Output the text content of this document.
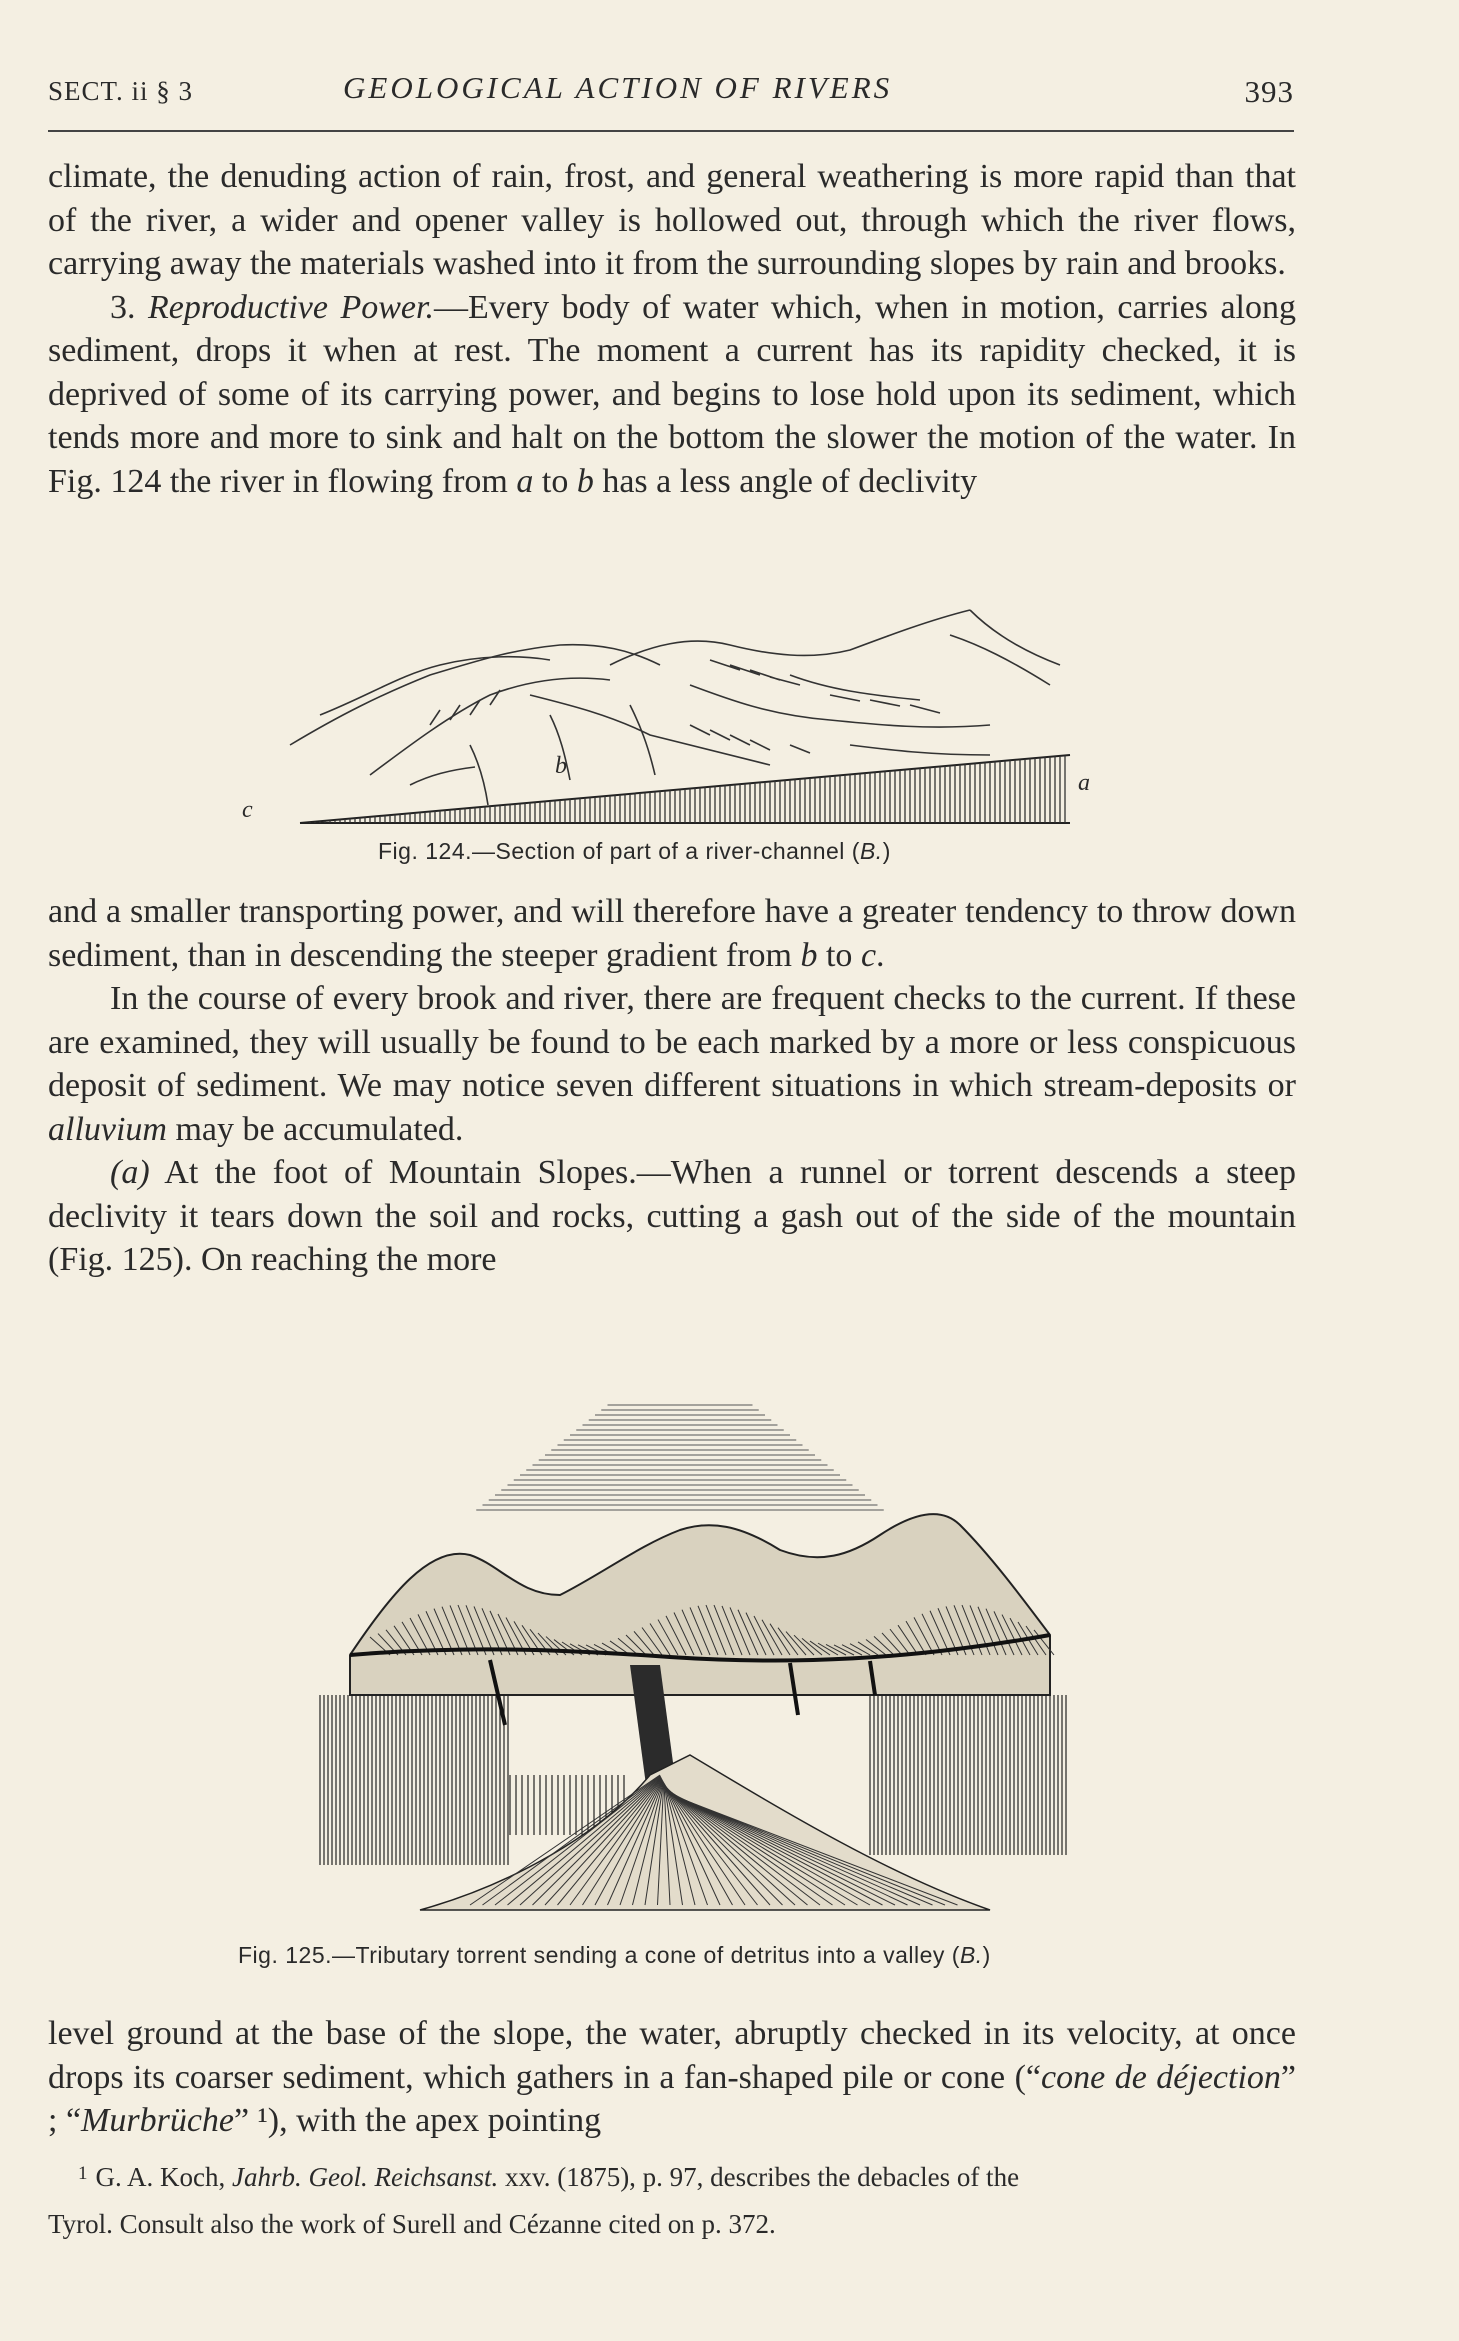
SECT. ii § 3	GEOLOGICAL ACTION OF RIVERS	393

climate, the denuding action of rain, frost, and general weathering is more rapid than that of the river, a wider and opener valley is hollowed out, through which the river flows, carrying away the materials washed into it from the surrounding slopes by rain and brooks.

3. Reproductive Power.—Every body of water which, when in motion, carries along sediment, drops it when at rest. The moment a current has its rapidity checked, it is deprived of some of its carrying power, and begins to lose hold upon its sediment, which tends more and more to sink and halt on the bottom the slower the motion of the water. In Fig. 124 the river in flowing from a to b has a less angle of declivity

c
b
a
Fig. 124.—Section of part of a river-channel (B.)

and a smaller transporting power, and will therefore have a greater tendency to throw down sediment, than in descending the steeper gradient from b to c.

In the course of every brook and river, there are frequent checks to the current. If these are examined, they will usually be found to be each marked by a more or less conspicuous deposit of sediment. We may notice seven different situations in which stream-deposits or alluvium may be accumulated.

(a) At the foot of Mountain Slopes.—When a runnel or torrent descends a steep declivity it tears down the soil and rocks, cutting a gash out of the side of the mountain (Fig. 125). On reaching the more

Fig. 125.—Tributary torrent sending a cone of detritus into a valley (B.)

level ground at the base of the slope, the water, abruptly checked in its velocity, at once drops its coarser sediment, which gathers in a fan-shaped pile or cone (“cone de déjection” ; “Murbrüche” ¹), with the apex pointing

$^1$ G. A. Koch, Jahrb. Geol. Reichsanst. xxv. (1875), p. 97, describes the debacles of the

Tyrol. Consult also the work of Surell and Cézanne cited on p. 372.
